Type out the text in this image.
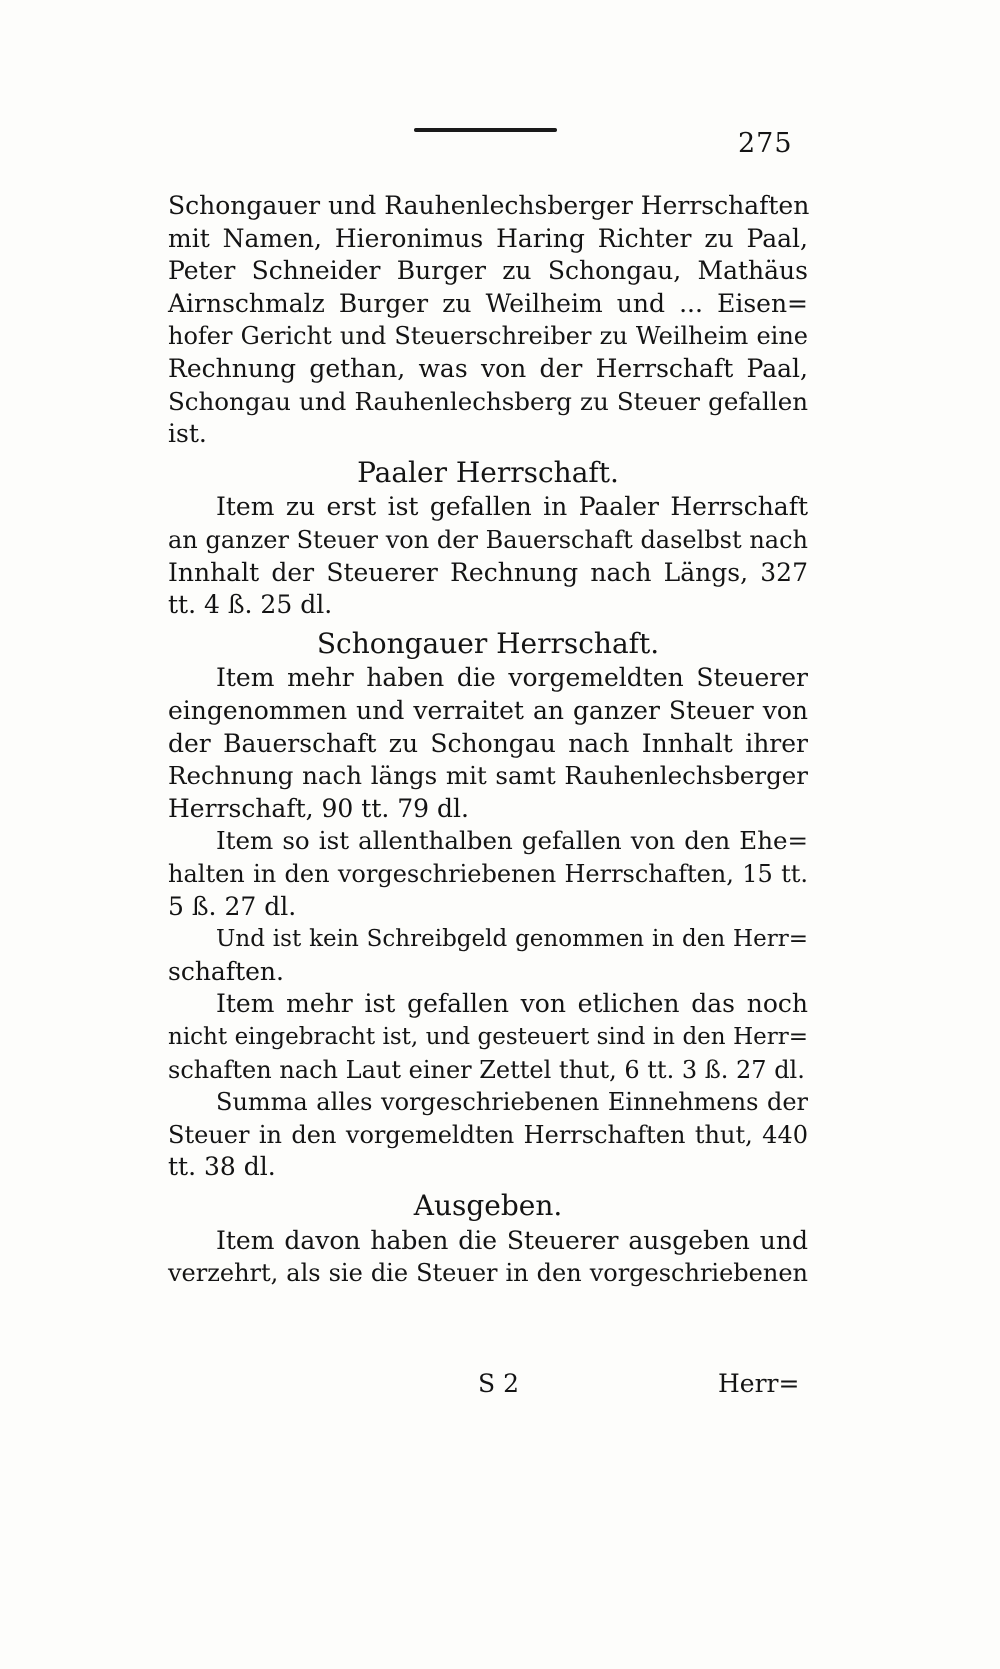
275
Schongauer und Rauhenlechsberger Herrschaften
mit Namen, Hieronimus Haring Richter zu Paal,
Peter Schneider Burger zu Schongau, Mathäus
Airnschmalz Burger zu Weilheim und ... Eisen=
hofer Gericht und Steuerschreiber zu Weilheim eine
Rechnung gethan, was von der Herrschaft Paal,
Schongau und Rauhenlechsberg zu Steuer gefallen
ist.
Paaler Herrschaft.
Item zu erst ist gefallen in Paaler Herrschaft
an ganzer Steuer von der Bauerschaft daselbst nach
Innhalt der Steuerer Rechnung nach Längs, 327
tt. 4 ß. 25 dl.
Schongauer Herrschaft.
Item mehr haben die vorgemeldten Steuerer
eingenommen und verraitet an ganzer Steuer von
der Bauerschaft zu Schongau nach Innhalt ihrer
Rechnung nach längs mit samt Rauhenlechsberger
Herrschaft, 90 tt. 79 dl.
Item so ist allenthalben gefallen von den Ehe=
halten in den vorgeschriebenen Herrschaften, 15 tt.
5 ß. 27 dl.
Und ist kein Schreibgeld genommen in den Herr=
schaften.
Item mehr ist gefallen von etlichen das noch
nicht eingebracht ist, und gesteuert sind in den Herr=
schaften nach Laut einer Zettel thut, 6 tt. 3 ß. 27 dl.
Summa alles vorgeschriebenen Einnehmens der
Steuer in den vorgemeldten Herrschaften thut, 440
tt. 38 dl.
Ausgeben.
Item davon haben die Steuerer ausgeben und
verzehrt, als sie die Steuer in den vorgeschriebenen
S 2	Herr=
